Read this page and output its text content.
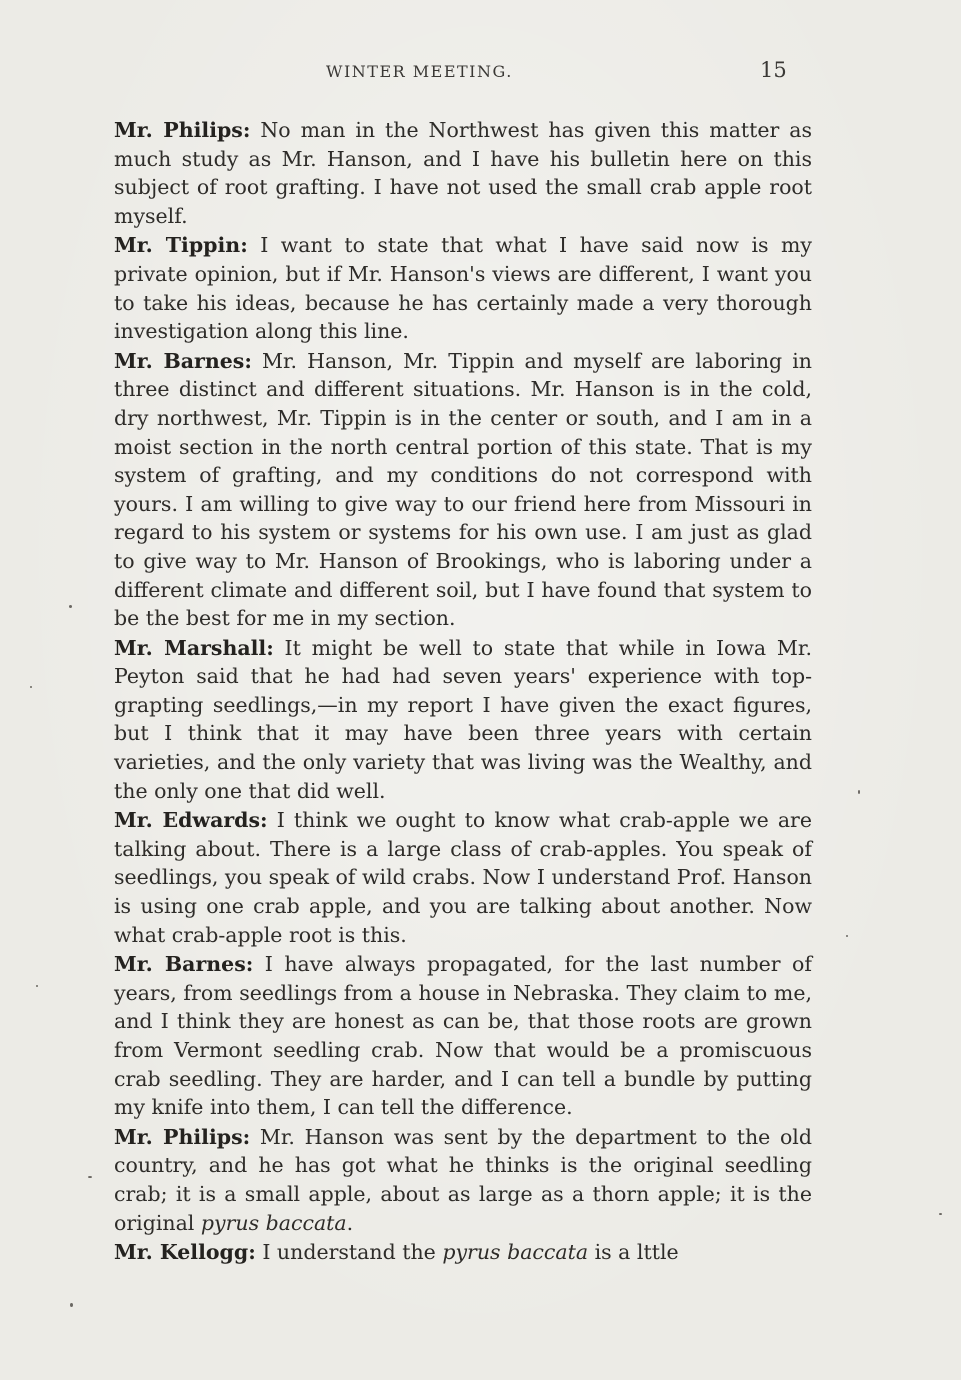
WINTER MEETING.	15

Mr. Philips: No man in the Northwest has given this matter as much study as Mr. Hanson, and I have his bulletin here on this subject of root grafting. I have not used the small crab apple root myself.

Mr. Tippin: I want to state that what I have said now is my private opinion, but if Mr. Hanson's views are different, I want you to take his ideas, because he has certainly made a very thorough investigation along this line.

Mr. Barnes: Mr. Hanson, Mr. Tippin and myself are laboring in three distinct and different situations. Mr. Hanson is in the cold, dry northwest, Mr. Tippin is in the center or south, and I am in a moist section in the north central portion of this state. That is my system of grafting, and my conditions do not correspond with yours. I am willing to give way to our friend here from Missouri in regard to his system or systems for his own use. I am just as glad to give way to Mr. Hanson of Brookings, who is laboring under a different climate and different soil, but I have found that system to be the best for me in my section.

Mr. Marshall: It might be well to state that while in Iowa Mr. Peyton said that he had had seven years' experience with top-grapting seedlings,—in my report I have given the exact figures, but I think that it may have been three years with certain varieties, and the only variety that was living was the Wealthy, and the only one that did well.

Mr. Edwards: I think we ought to know what crab-apple we are talking about. There is a large class of crab-apples. You speak of seedlings, you speak of wild crabs. Now I understand Prof. Hanson is using one crab apple, and you are talking about another. Now what crab-apple root is this.

Mr. Barnes: I have always propagated, for the last number of years, from seedlings from a house in Nebraska. They claim to me, and I think they are honest as can be, that those roots are grown from Vermont seedling crab. Now that would be a promiscuous crab seedling. They are harder, and I can tell a bundle by putting my knife into them, I can tell the difference.

Mr. Philips: Mr. Hanson was sent by the department to the old country, and he has got what he thinks is the original seedling crab; it is a small apple, about as large as a thorn apple; it is the original pyrus baccata.

Mr. Kellogg: I understand the pyrus baccata is a lttle
